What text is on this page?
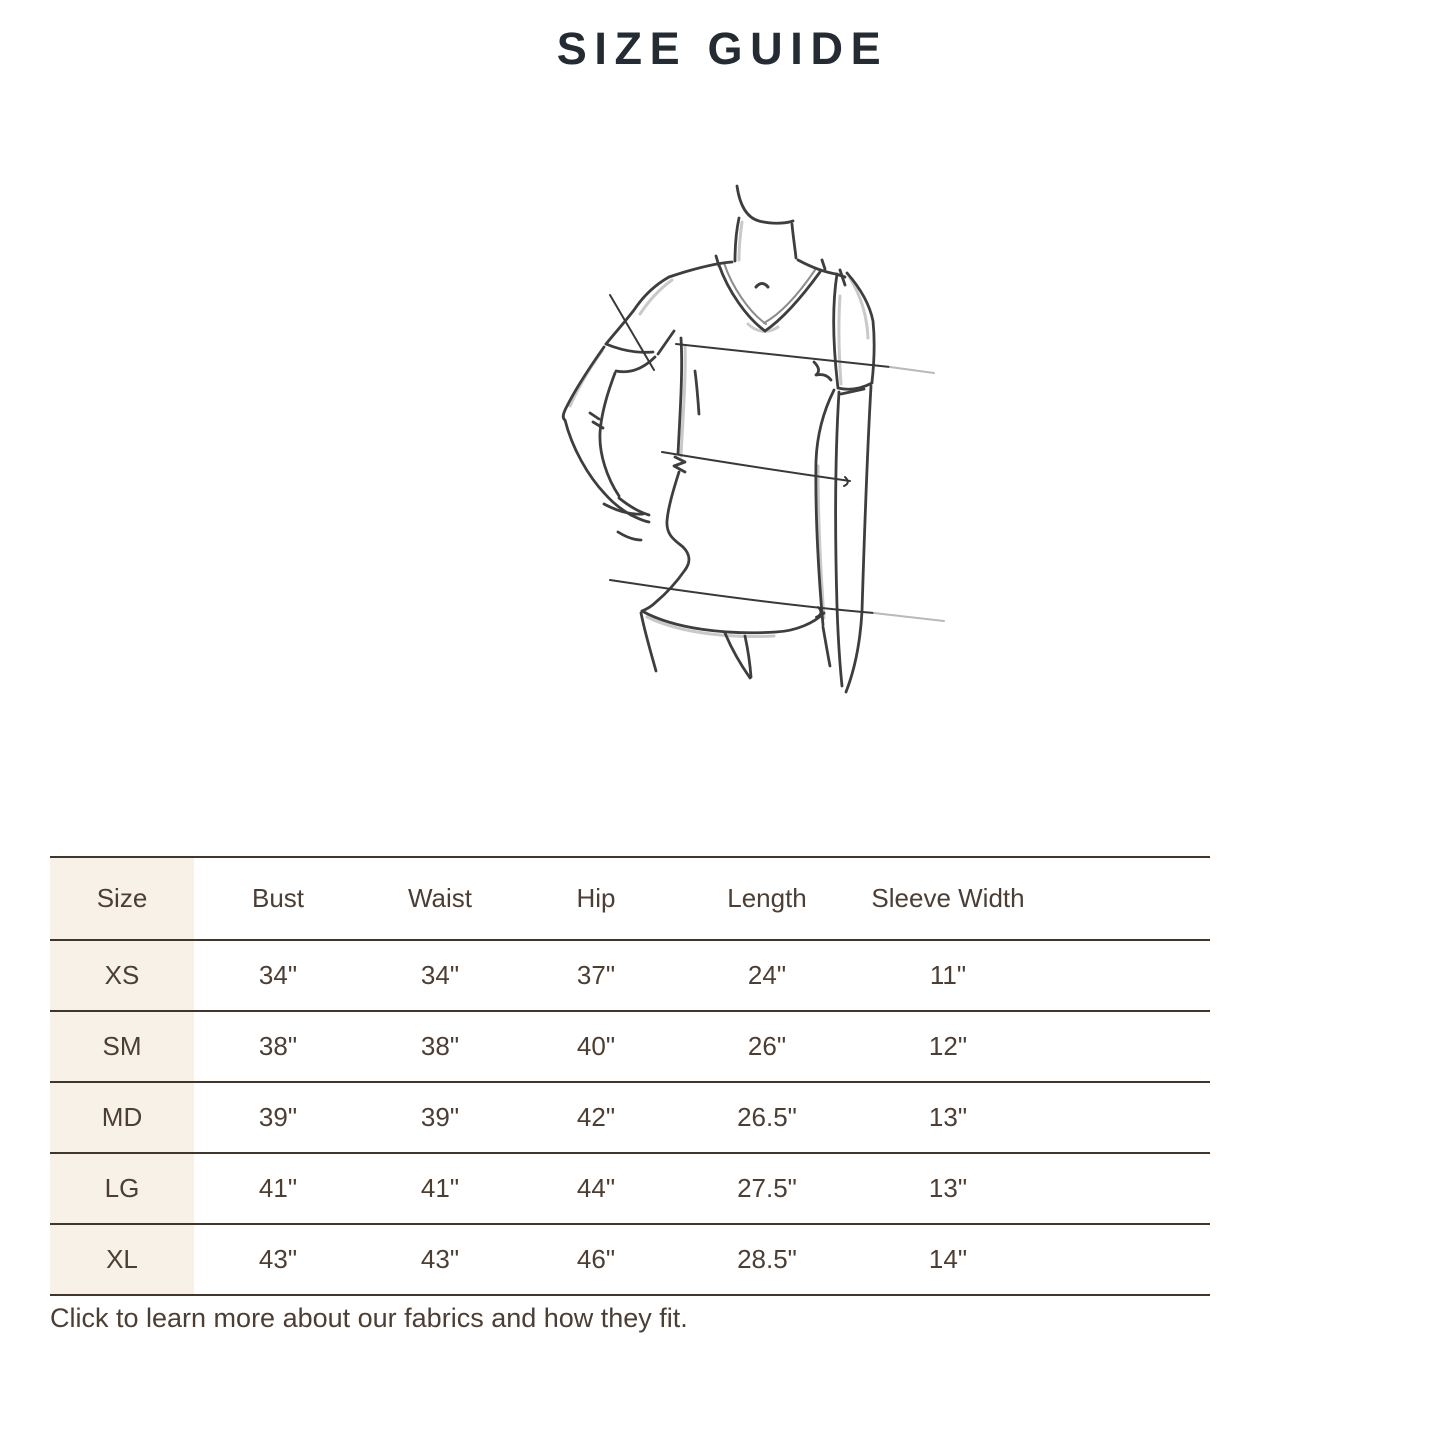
SIZE GUIDE
Size	Bust	Waist	Hip	Length	Sleeve Width	
XS	34"	34"	37"	24"	11"	
SM	38"	38"	40"	26"	12"	
MD	39"	39"	42"	26.5"	13"	
LG	41"	41"	44"	27.5"	13"	
XL	43"	43"	46"	28.5"	14"	
Click to learn more about our fabrics and how they fit.
